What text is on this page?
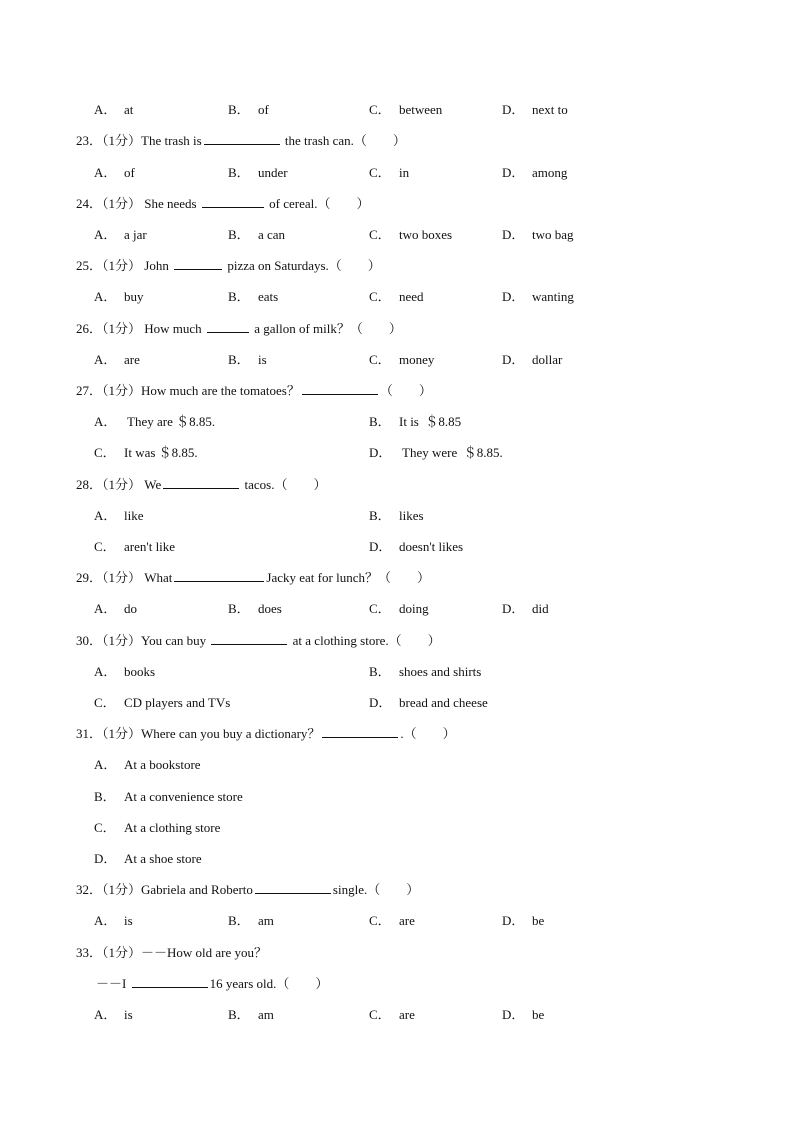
A． at	B． of	C． between	D． next to
23．（1分）The trash is	the trash can.（　　）
A． of	B． under	C． in	D． among
24．（1分） She needs	of cereal.（　　）
A． a jar	B． a can	C． two boxes	D． two bag
25．（1分） John	pizza on Saturdays.（　　）
A． buy	B． eats	C． need	D． wanting
26．（1分） How much	a gallon of milk？（　　）
A． are	B． is	C． money	D． dollar
27．（1分）How much are the tomatoes？	（　　）
A． They are ＄8.85.	B． It is  ＄8.85
C． It was ＄8.85.	D． They were  ＄8.85.
28．（1分） We	tacos.（　　）
A． like	B． likes
C． aren't like	D． doesn't likes
29．（1分） What	Jacky eat for lunch？（　　）
A． do	B． does	C． doing	D． did
30．（1分）You can buy	at a clothing store.（　　）
A． books	B． shoes and shirts
C． CD players and TVs	D． bread and cheese
31．（1分）Where can you buy a dictionary？	.（　　）
A． At a bookstore
B． At a convenience store
C． At a clothing store
D． At a shoe store
32．（1分）Gabriela and Roberto	single.（　　）
A． is	B． am	C． are	D． be
33．（1分）－－How old are you？
－－I	16 years old.（　　）
A． is	B． am	C． are	D． be
